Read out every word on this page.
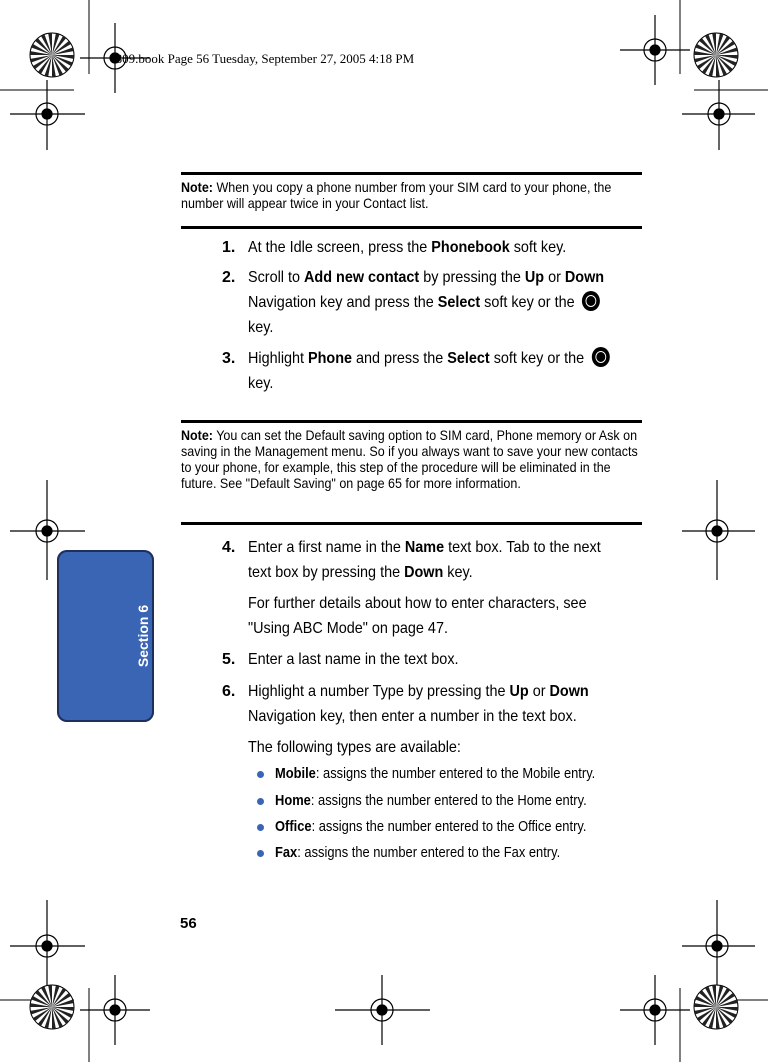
t809.book Page 56 Tuesday, September 27, 2005 4:18 PM
Note: When you copy a phone number from your SIM card to your phone, the number will appear twice in your Contact list.
1. At the Idle screen, press the Phonebook soft key.
2. Scroll to Add new contact by pressing the Up or Down Navigation key and press the Select soft key or the  key.
3. Highlight Phone and press the Select soft key or the  key.
Note: You can set the Default saving option to SIM card, Phone memory or Ask on saving in the Management menu. So if you always want to save your new contacts to your phone, for example, this step of the procedure will be eliminated in the future. See "Default Saving" on page 65 for more information.
4. Enter a first name in the Name text box. Tab to the next text box by pressing the Down key.
For further details about how to enter characters, see "Using ABC Mode" on page 47.
5. Enter a last name in the text box.
6. Highlight a number Type by pressing the Up or Down Navigation key, then enter a number in the text box.
The following types are available:
Mobile: assigns the number entered to the Mobile entry.
Home: assigns the number entered to the Home entry.
Office: assigns the number entered to the Office entry.
Fax: assigns the number entered to the Fax entry.
Section 6
56
